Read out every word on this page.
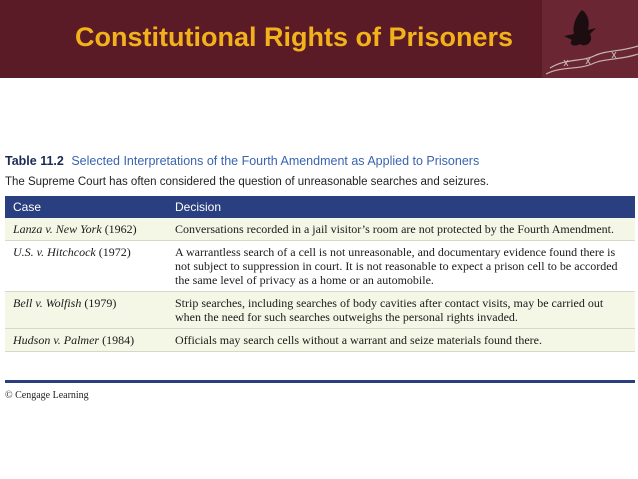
Constitutional Rights of Prisoners
Table 11.2 Selected Interpretations of the Fourth Amendment as Applied to Prisoners
The Supreme Court has often considered the question of unreasonable searches and seizures.
Case	Decision
Lanza v. New York (1962)	Conversations recorded in a jail visitor’s room are not protected by the Fourth Amendment.
U.S. v. Hitchcock (1972)	A warrantless search of a cell is not unreasonable, and documentary evidence found there is not subject to suppression in court. It is not reasonable to expect a prison cell to be accorded the same level of privacy as a home or an automobile.
Bell v. Wolfish (1979)	Strip searches, including searches of body cavities after contact visits, may be carried out when the need for such searches outweighs the personal rights invaded.
Hudson v. Palmer (1984)	Officials may search cells without a warrant and seize materials found there.
© Cengage Learning
